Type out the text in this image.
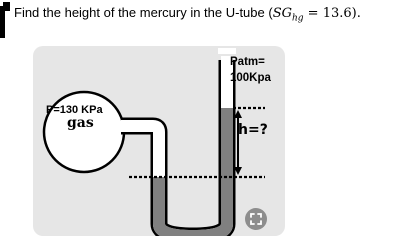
Find the height of the mercury in the U-tube $(SG_{hg} = 13.6)$.
Patm=
100Kpa
P=130 KPa
gas	h=?
